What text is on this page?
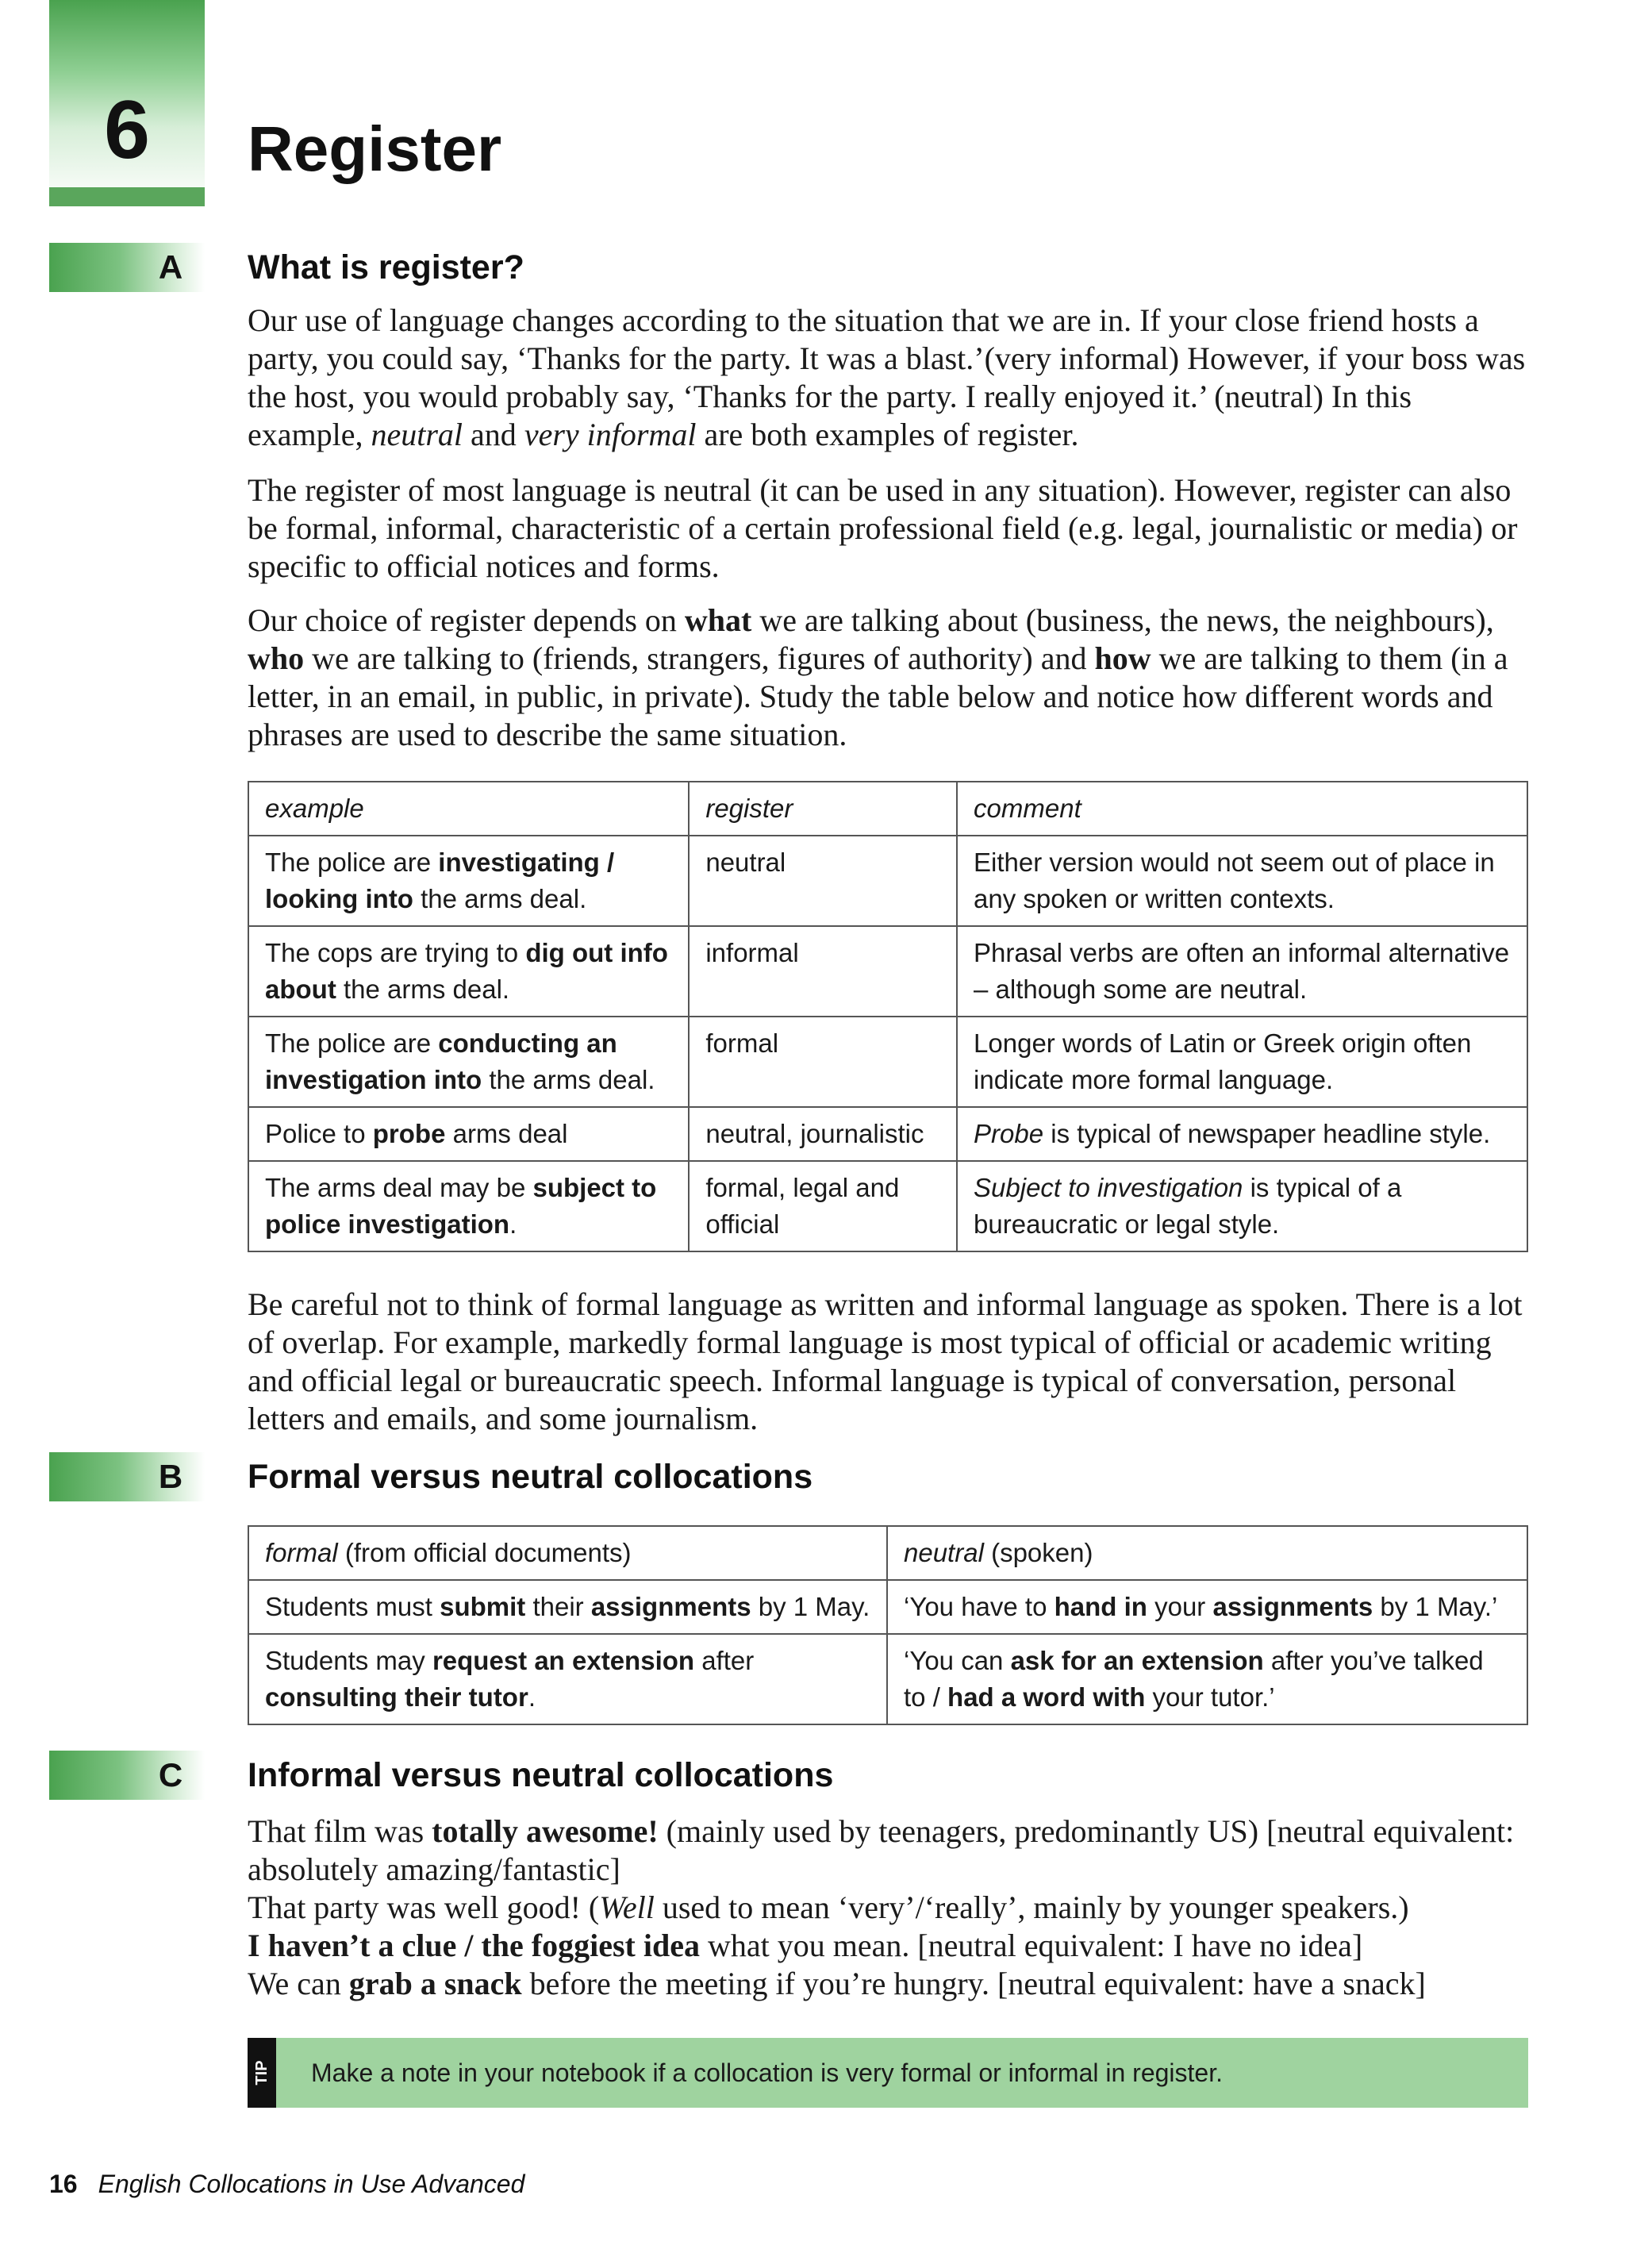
6	Register
A	What is register?

Our use of language changes according to the situation that we are in. If your close friend hosts a party, you could say, ‘Thanks for the party. It was a blast.’(very informal) However, if your boss was the host, you would probably say, ‘Thanks for the party. I really enjoyed it.’ (neutral) In this example, neutral and very informal are both examples of register.

The register of most language is neutral (it can be used in any situation). However, register can also be formal, informal, characteristic of a certain professional field (e.g. legal, journalistic or media) or specific to official notices and forms.

Our choice of register depends on what we are talking about (business, the news, the neighbours), who we are talking to (friends, strangers, figures of authority) and how we are talking to them (in a letter, in an email, in public, in private). Study the table below and notice how different words and phrases are used to describe the same situation.

example	register	comment
The police are investigating / looking into the arms deal.	neutral	Either version would not seem out of place in any spoken or written contexts.
The cops are trying to dig out info about the arms deal.	informal	Phrasal verbs are often an informal alternative – although some are neutral.
The police are conducting an investigation into the arms deal.	formal	Longer words of Latin or Greek origin often indicate more formal language.
Police to probe arms deal	neutral, journalistic	Probe is typical of newspaper headline style.
The arms deal may be subject to police investigation.	formal, legal and official	Subject to investigation is typical of a bureaucratic or legal style.

Be careful not to think of formal language as written and informal language as spoken. There is a lot of overlap. For example, markedly formal language is most typical of official or academic writing and official legal or bureaucratic speech. Informal language is typical of conversation, personal letters and emails, and some journalism.

B	Formal versus neutral collocations
formal (from official documents)	neutral (spoken)
Students must submit their assignments by 1 May.	‘You have to hand in your assignments by 1 May.’
Students may request an extension after consulting their tutor.	‘You can ask for an extension after you’ve talked to / had a word with your tutor.’
C	Informal versus neutral collocations

That film was totally awesome! (mainly used by teenagers, predominantly US) [neutral equivalent: absolutely amazing/fantastic]

That party was well good! (Well used to mean ‘very’/‘really’, mainly by younger speakers.)

I haven’t a clue / the foggiest idea what you mean. [neutral equivalent: I have no idea]

We can grab a snack before the meeting if you’re hungry. [neutral equivalent: have a snack]

TIP Make a note in your notebook if a collocation is very formal or informal in register.
16 English Collocations in Use Advanced
